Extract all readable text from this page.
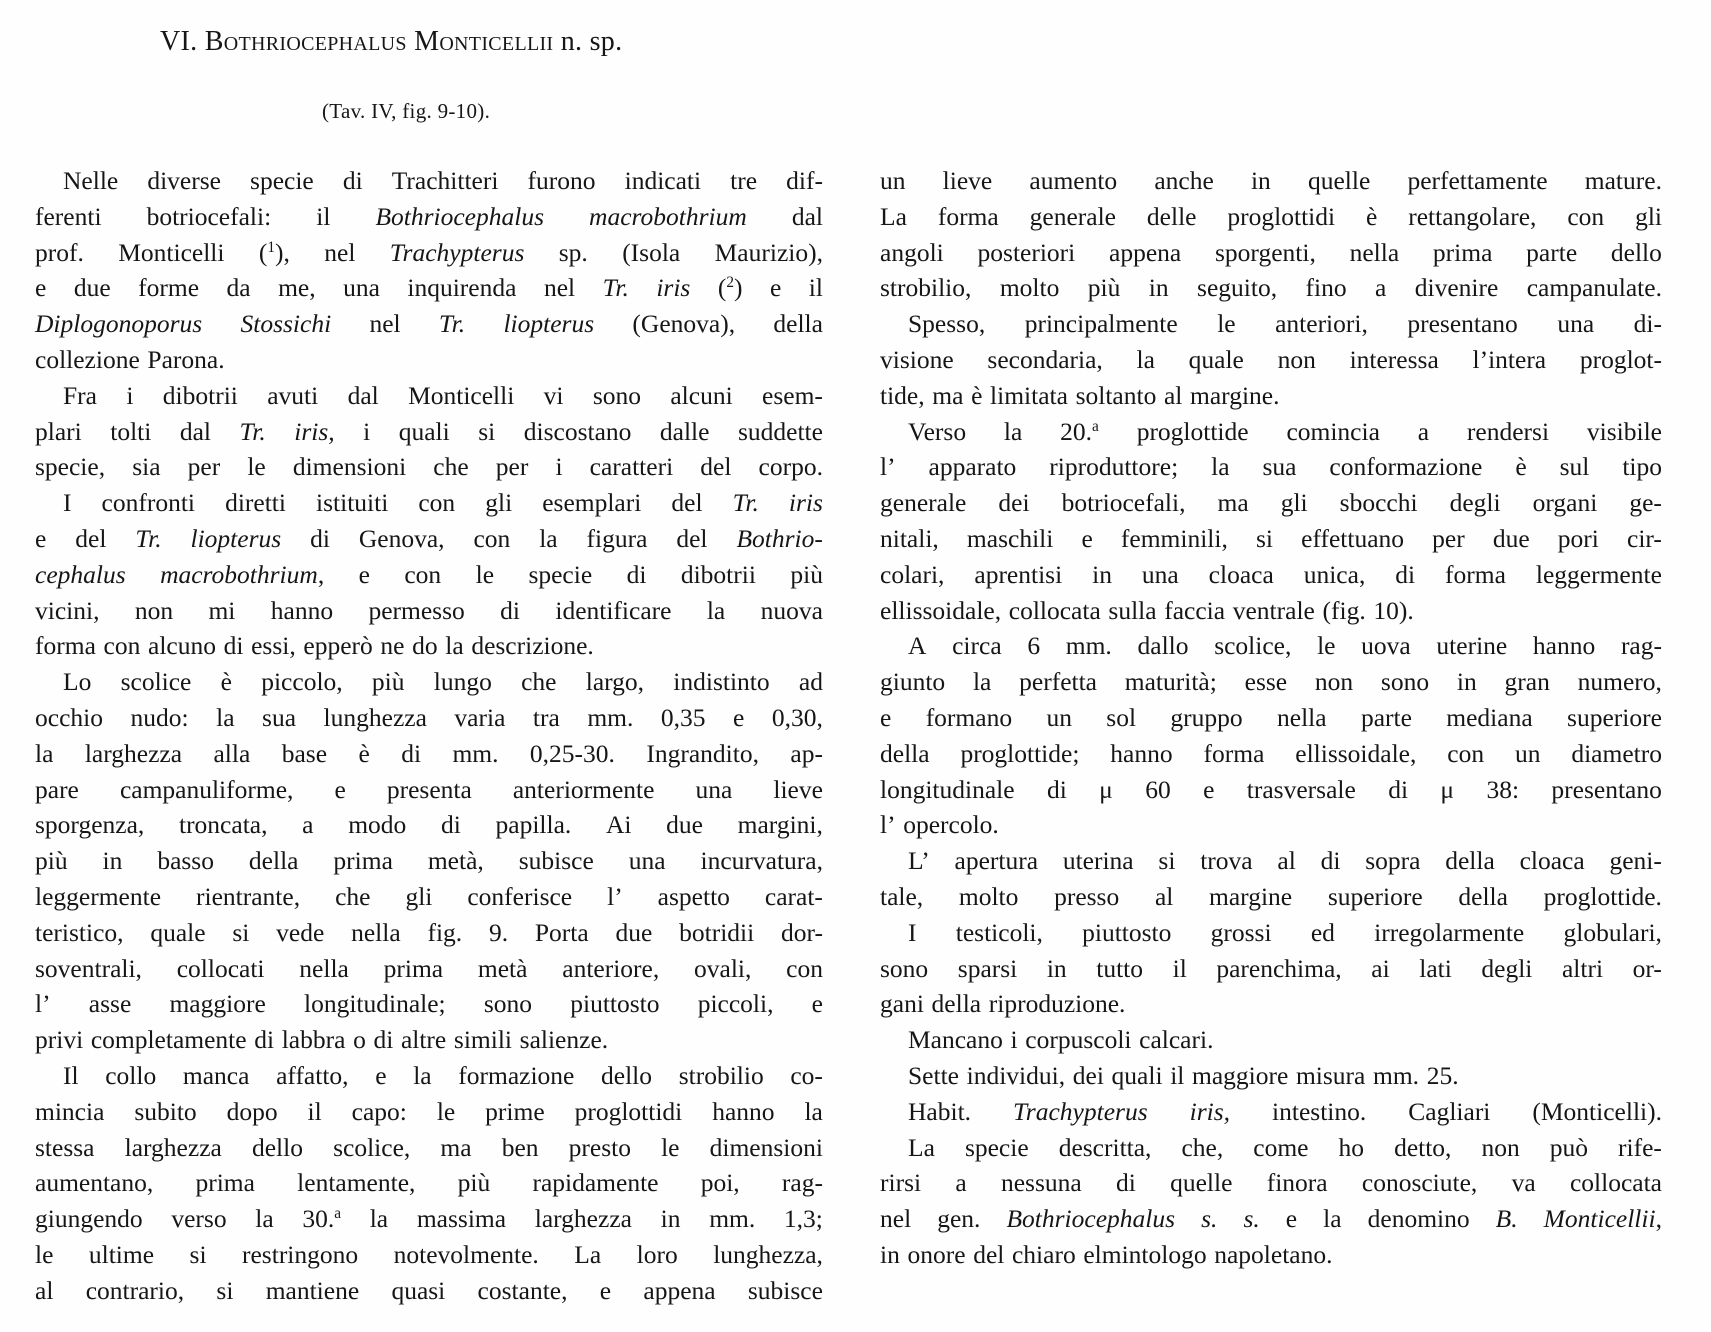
VI. Bothriocephalus Monticellii n. sp.
(Tav. IV, fig. 9-10).
Nelle diverse specie di Trachitteri furono indicati tre dif-
ferenti botriocefali: il Bothriocephalus macrobothrium dal
prof. Monticelli ($^1$), nel Trachypterus sp. (Isola Maurizio),
e due forme da me, una inquirenda nel Tr. iris ($^2$) e il
Diplogonoporus Stossichi nel Tr. liopterus (Genova), della
collezione Parona.
Fra i dibotrii avuti dal Monticelli vi sono alcuni esem-
plari tolti dal Tr. iris, i quali si discostano dalle suddette
specie, sia per le dimensioni che per i caratteri del corpo.
I confronti diretti istituiti con gli esemplari del Tr. iris
e del Tr. liopterus di Genova, con la figura del Bothrio-
cephalus macrobothrium, e con le specie di dibotrii più
vicini, non mi hanno permesso di identificare la nuova
forma con alcuno di essi, epperò ne do la descrizione.
Lo scolice è piccolo, più lungo che largo, indistinto ad
occhio nudo: la sua lunghezza varia tra mm. 0,35 e 0,30,
la larghezza alla base è di mm. 0,25-30. Ingrandito, ap-
pare campanuliforme, e presenta anteriormente una lieve
sporgenza, troncata, a modo di papilla. Ai due margini,
più in basso della prima metà, subisce una incurvatura,
leggermente rientrante, che gli conferisce l’ aspetto carat-
teristico, quale si vede nella fig. 9. Porta due botridii dor-
soventrali, collocati nella prima metà anteriore, ovali, con
l’ asse maggiore longitudinale; sono piuttosto piccoli, e
privi completamente di labbra o di altre simili salienze.
Il collo manca affatto, e la formazione dello strobilio co-
mincia subito dopo il capo: le prime proglottidi hanno la
stessa larghezza dello scolice, ma ben presto le dimensioni
aumentano, prima lentamente, più rapidamente poi, rag-
giungendo verso la 30.$^a$ la massima larghezza in mm. 1,3;
le ultime si restringono notevolmente. La loro lunghezza,
al contrario, si mantiene quasi costante, e appena subisce
un lieve aumento anche in quelle perfettamente mature.
La forma generale delle proglottidi è rettangolare, con gli
angoli posteriori appena sporgenti, nella prima parte dello
strobilio, molto più in seguito, fino a divenire campanulate.
Spesso, principalmente le anteriori, presentano una di-
visione secondaria, la quale non interessa l’intera proglot-
tide, ma è limitata soltanto al margine.
Verso la 20.$^a$ proglottide comincia a rendersi visibile
l’ apparato riproduttore; la sua conformazione è sul tipo
generale dei botriocefali, ma gli sbocchi degli organi ge-
nitali, maschili e femminili, si effettuano per due pori cir-
colari, aprentisi in una cloaca unica, di forma leggermente
ellissoidale, collocata sulla faccia ventrale (fig. 10).
A circa 6 mm. dallo scolice, le uova uterine hanno rag-
giunto la perfetta maturità; esse non sono in gran numero,
e formano un sol gruppo nella parte mediana superiore
della proglottide; hanno forma ellissoidale, con un diametro
longitudinale di μ 60 e trasversale di μ 38: presentano
l’ opercolo.
L’ apertura uterina si trova al di sopra della cloaca geni-
tale, molto presso al margine superiore della proglottide.
I testicoli, piuttosto grossi ed irregolarmente globulari,
sono sparsi in tutto il parenchima, ai lati degli altri or-
gani della riproduzione.
Mancano i corpuscoli calcari.
Sette individui, dei quali il maggiore misura mm. 25.
Habit. Trachypterus iris, intestino. Cagliari (Monticelli).
La specie descritta, che, come ho detto, non può rife-
rirsi a nessuna di quelle finora conosciute, va collocata
nel gen. Bothriocephalus s. s. e la denomino B. Monticellii,
in onore del chiaro elmintologo napoletano.
